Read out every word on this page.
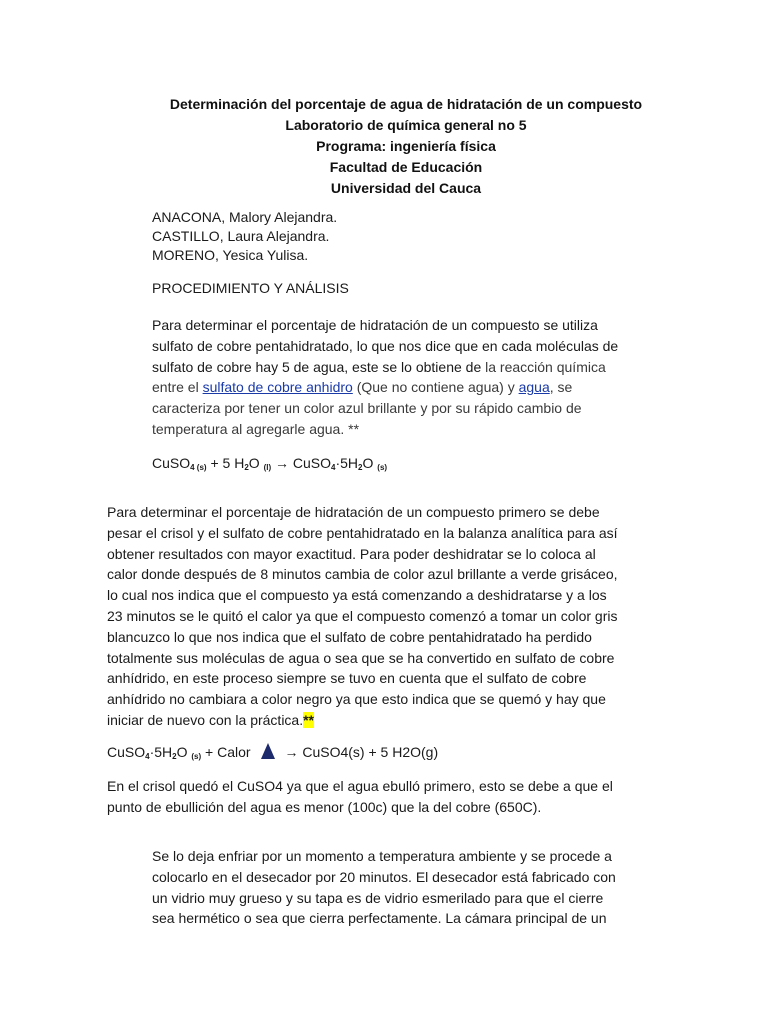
Determinación del porcentaje de agua de hidratación de un compuesto
Laboratorio de química general no 5
Programa: ingeniería física
Facultad de Educación
Universidad del Cauca
ANACONA, Malory Alejandra.
CASTILLO, Laura Alejandra.
MORENO, Yesica Yulisa.
PROCEDIMIENTO Y ANÁLISIS
Para determinar el porcentaje de hidratación de un compuesto se utiliza
sulfato de cobre pentahidratado, lo que nos dice que en cada moléculas de
sulfato de cobre hay 5 de agua, este se lo obtiene de la reacción química
entre el sulfato de cobre anhidro (Que no contiene agua) y agua, se
caracteriza por tener un color azul brillante y por su rápido cambio de
temperatura al agregarle agua. **
CuSO$_{4 (s)}$ + 5 $H_2O$ $_{(l)} \to CuSO_4\cdot 5H_2O$ $_{(s)}$
Para determinar el porcentaje de hidratación de un compuesto primero se debe
pesar el crisol y el sulfato de cobre pentahidratado en la balanza analítica para así
obtener resultados con mayor exactitud. Para poder deshidratar se lo coloca al
calor donde después de 8 minutos cambia de color azul brillante a verde grisáceo,
lo cual nos indica que el compuesto ya está comenzando a deshidratarse y a los
23 minutos se le quitó el calor ya que el compuesto comenzó a tomar un color gris
blancuzco lo que nos indica que el sulfato de cobre pentahidratado ha perdido
totalmente sus moléculas de agua o sea que se ha convertido en sulfato de cobre
anhídrido, en este proceso siempre se tuvo en cuenta que el sulfato de cobre
anhídrido no cambiara a color negro ya que esto indica que se quemó y hay que
iniciar de nuevo con la práctica.**
$CuSO_4\cdot 5H_2O$ $_{(s)}$ + Calor → CuSO4(s) + 5 H2O(g)
En el crisol quedó el CuSO4 ya que el agua ebulló primero, esto se debe a que el
punto de ebullición del agua es menor (100c) que la del cobre (650C).
Se lo deja enfriar por un momento a temperatura ambiente y se procede a
colocarlo en el desecador por 20 minutos. El desecador está fabricado con
un vidrio muy grueso y su tapa es de vidrio esmerilado para que el cierre
sea hermético o sea que cierra perfectamente. La cámara principal de un
